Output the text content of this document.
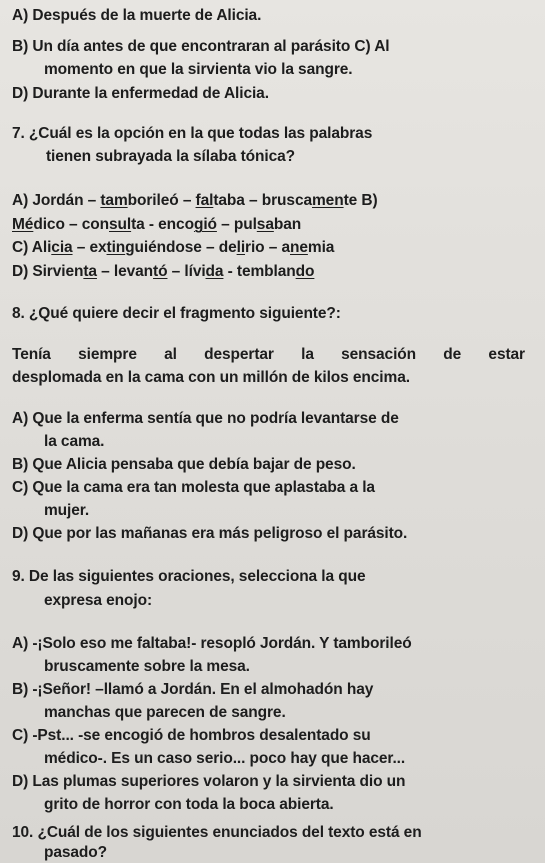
A) Después de la muerte de Alicia.
B) Un día antes de que encontraran al parásito C) Al
momento en que la sirvienta vio la sangre.
D) Durante la enfermedad de Alicia.
7. ¿Cuál es la opción en la que todas las palabras
tienen subrayada la sílaba tónica?
A) Jordán – tamborileó – faltaba – bruscamente B)
Médico – consulta - encogió – pulsaban
C) Alicia – extinguiéndose – delirio – anemia
D) Sirvienta – levantó – lívida - temblando
8. ¿Qué quiere decir el fragmento siguiente?:
Tenía siempre al despertar la sensación de estar
desplomada en la cama con un millón de kilos encima.
A) Que la enferma sentía que no podría levantarse de
la cama.
B) Que Alicia pensaba que debía bajar de peso.
C) Que la cama era tan molesta que aplastaba a la
mujer.
D) Que por las mañanas era más peligroso el parásito.
9. De las siguientes oraciones, selecciona la que
expresa enojo:
A) -¡Solo eso me faltaba!- resopló Jordán. Y tamborileó
bruscamente sobre la mesa.
B) -¡Señor! –llamó a Jordán. En el almohadón hay
manchas que parecen de sangre.
C) -Pst... -se encogió de hombros desalentado su
médico-. Es un caso serio... poco hay que hacer...
D) Las plumas superiores volaron y la sirvienta dio un
grito de horror con toda la boca abierta.
10. ¿Cuál de los siguientes enunciados del texto está en
pasado?
